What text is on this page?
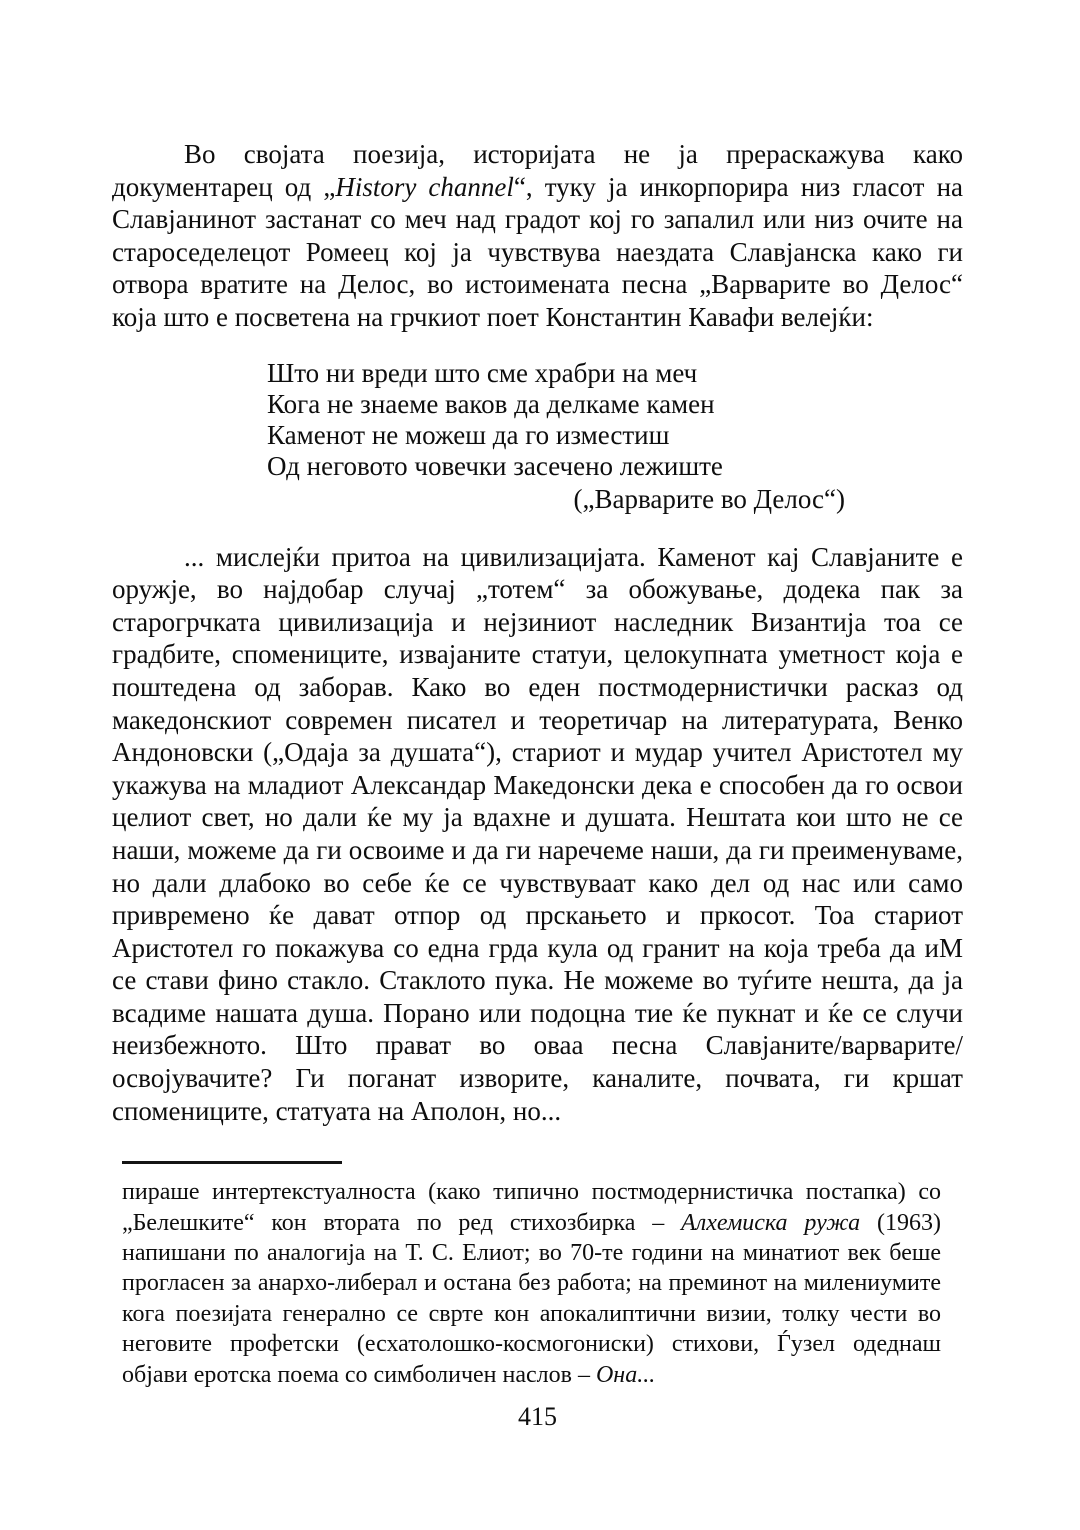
Во својата поезија, историјата не ја прераскажува како документарец од „History channel“, туку ја инкорпорира низ гласот на Славјанинот застанат со меч над градот кој го запалил или низ очите на староседелецот Ромеец кој ја чувствува наездата Славјанска како ги отвора вратите на Делос, во истоимената песна „Варварите во Делос“ која што е посветена на грчкиот поет Константин Кавафи велејќи:

Што ни вреди што сме храбри на меч
Кога не знаеме ваков да делкаме камен
Каменот не можеш да го изместиш
Од неговото човечки засечено лежиште
(„Варварите во Делос“)

... мислејќи притоа на цивилизацијата. Каменот кај Славјаните е оружје, во најдобар случај „тотем“ за обожување, додека пак за старогрчката цивилизација и нејзиниот наследник Византија тоа се градбите, спомениците, извајаните статуи, целокупната уметност која е поштедена од заборав. Како во еден постмодернистички расказ од македонскиот современ писател и теоретичар на литературата, Венко Андоновски („Одаја за душата“), стариот и мудар учител Аристотел му укажува на младиот Александар Македонски дека е способен да го освои целиот свет, но дали ќе му ја вдахне и душата. Нештата кои што не се наши, можеме да ги освоиме и да ги наречеме наши, да ги преименуваме, но дали длабоко во себе ќе се чувствуваат како дел од нас или само привремено ќе дават отпор од прскањето и пркосот. Тоа стариот Аристотел го покажува со една грда кула од гранит на која треба да иМ се стави фино стакло. Стаклото пука. Не можеме во туѓите нешта, да ја всадиме нашата душа. Порано или подоцна тие ќе пукнат и ќе се случи неизбежното. Што прават во оваа песна Славјаните/варварите/освојувачите? Ги поганат изворите, каналите, почвата, ги кршат спомениците, статуата на Аполон, но...

пираше интертекстуалноста (како типично постмодернистичка постапка) со „Белешките“ кон втората по ред стихозбирка – Алхемиска ружа (1963) напишани по аналогија на Т. С. Елиот; во 70-те години на минатиот век беше прогласен за анархо-либерал и остана без работа; на преминот на милениумите кога поезијата генерално се сврте кон апокалиптични визии, толку чести во неговите профетски (есхатолошко-космогониски) стихови, Ѓузел одеднаш објави еротска поема со симболичен наслов – Она...
415
